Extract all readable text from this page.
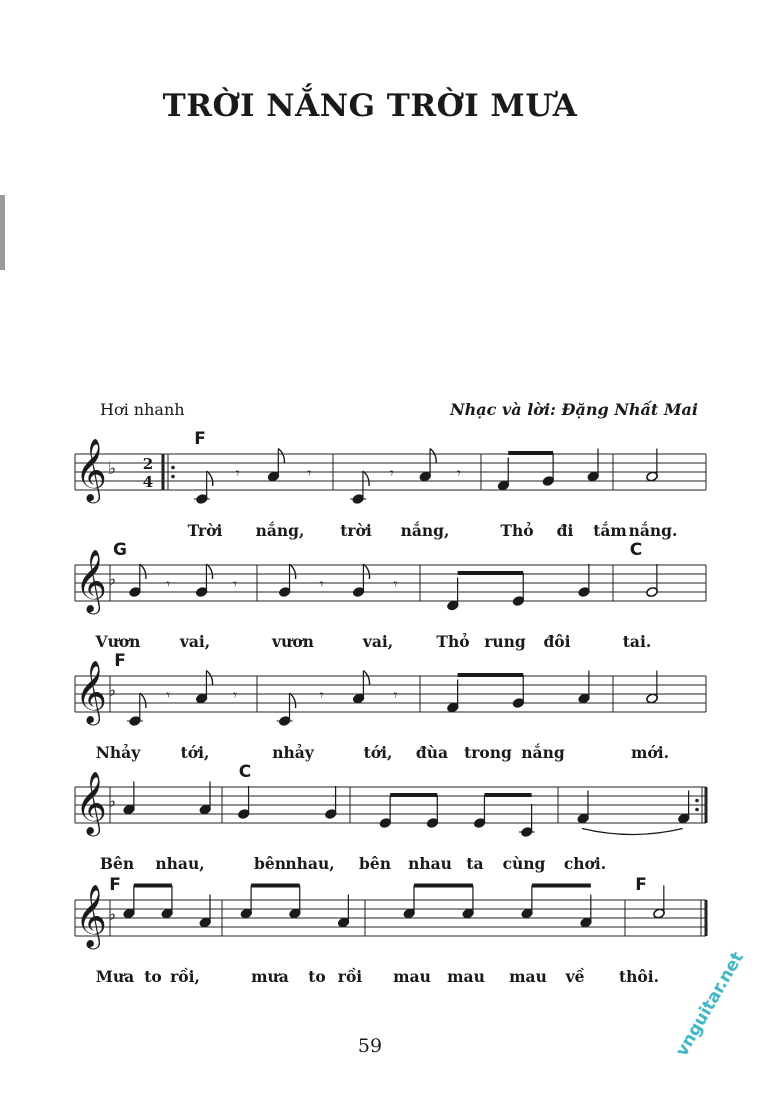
TRỜI NẮNG TRỜI MƯA
Hơi nhanh	Nhạc và lời: Đặng Nhất Mai
𝄞 ♭ 2
4	𝄾	𝄾	𝄾	𝄾
F
Trời nắng, trời nắng,	Thỏ đi tắm nắng.
𝄞 ♭	𝄾	𝄾	𝄾	𝄾
G	C
Vươn	vai,	vươn	vai,	Thỏ rung đôi	tai.
𝄞 ♭	𝄾	𝄾	𝄾	𝄾
F
Nhảy	tới,	nhảy	tới, đùa trong nắng	mới.
𝄞 ♭
C
Bên nhau,	bên nhau, bên nhau ta cùng chơi.
𝄞 ♭
F	F
Mưa to rồi,	mưa to rồi mau mau mau về thôi.
59	vnguitar.net
